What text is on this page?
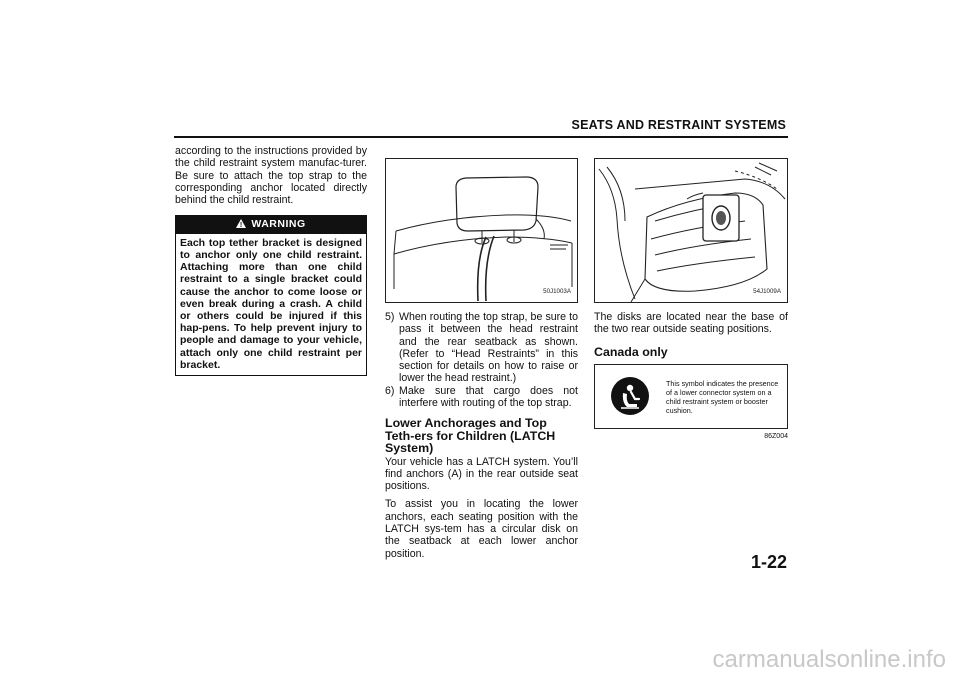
SEATS AND RESTRAINT SYSTEMS

according to the instructions provided by the child restraint system manufac-turer. Be sure to attach the top strap to the corresponding anchor located directly behind the child restraint.

! WARNING
Each top tether bracket is designed to anchor only one child restraint. Attaching more than one child restraint to a single bracket could cause the anchor to come loose or even break during a crash. A child or others could be injured if this hap-pens. To help prevent injury to people and damage to your vehicle, attach only one child restraint per bracket.
50J1003A
5) When routing the top strap, be sure to pass it between the head restraint and the rear seatback as shown. (Refer to “Head Restraints” in this section for details on how to raise or lower the head restraint.)
6) Make sure that cargo does not interfere with routing of the top strap.
Lower Anchorages and Top Teth-ers for Children (LATCH System)

Your vehicle has a LATCH system. You’ll find anchors (A) in the rear outside seat positions.

To assist you in locating the lower anchors, each seating position with the LATCH sys-tem has a circular disk on the seatback at each lower anchor position.

54J1009A

The disks are located near the base of the two rear outside seating positions.

Canada only
This symbol indicates the presence of a lower connector system on a child restraint system or booster cushion.
86Z004
1-22
carmanualsonline.info
